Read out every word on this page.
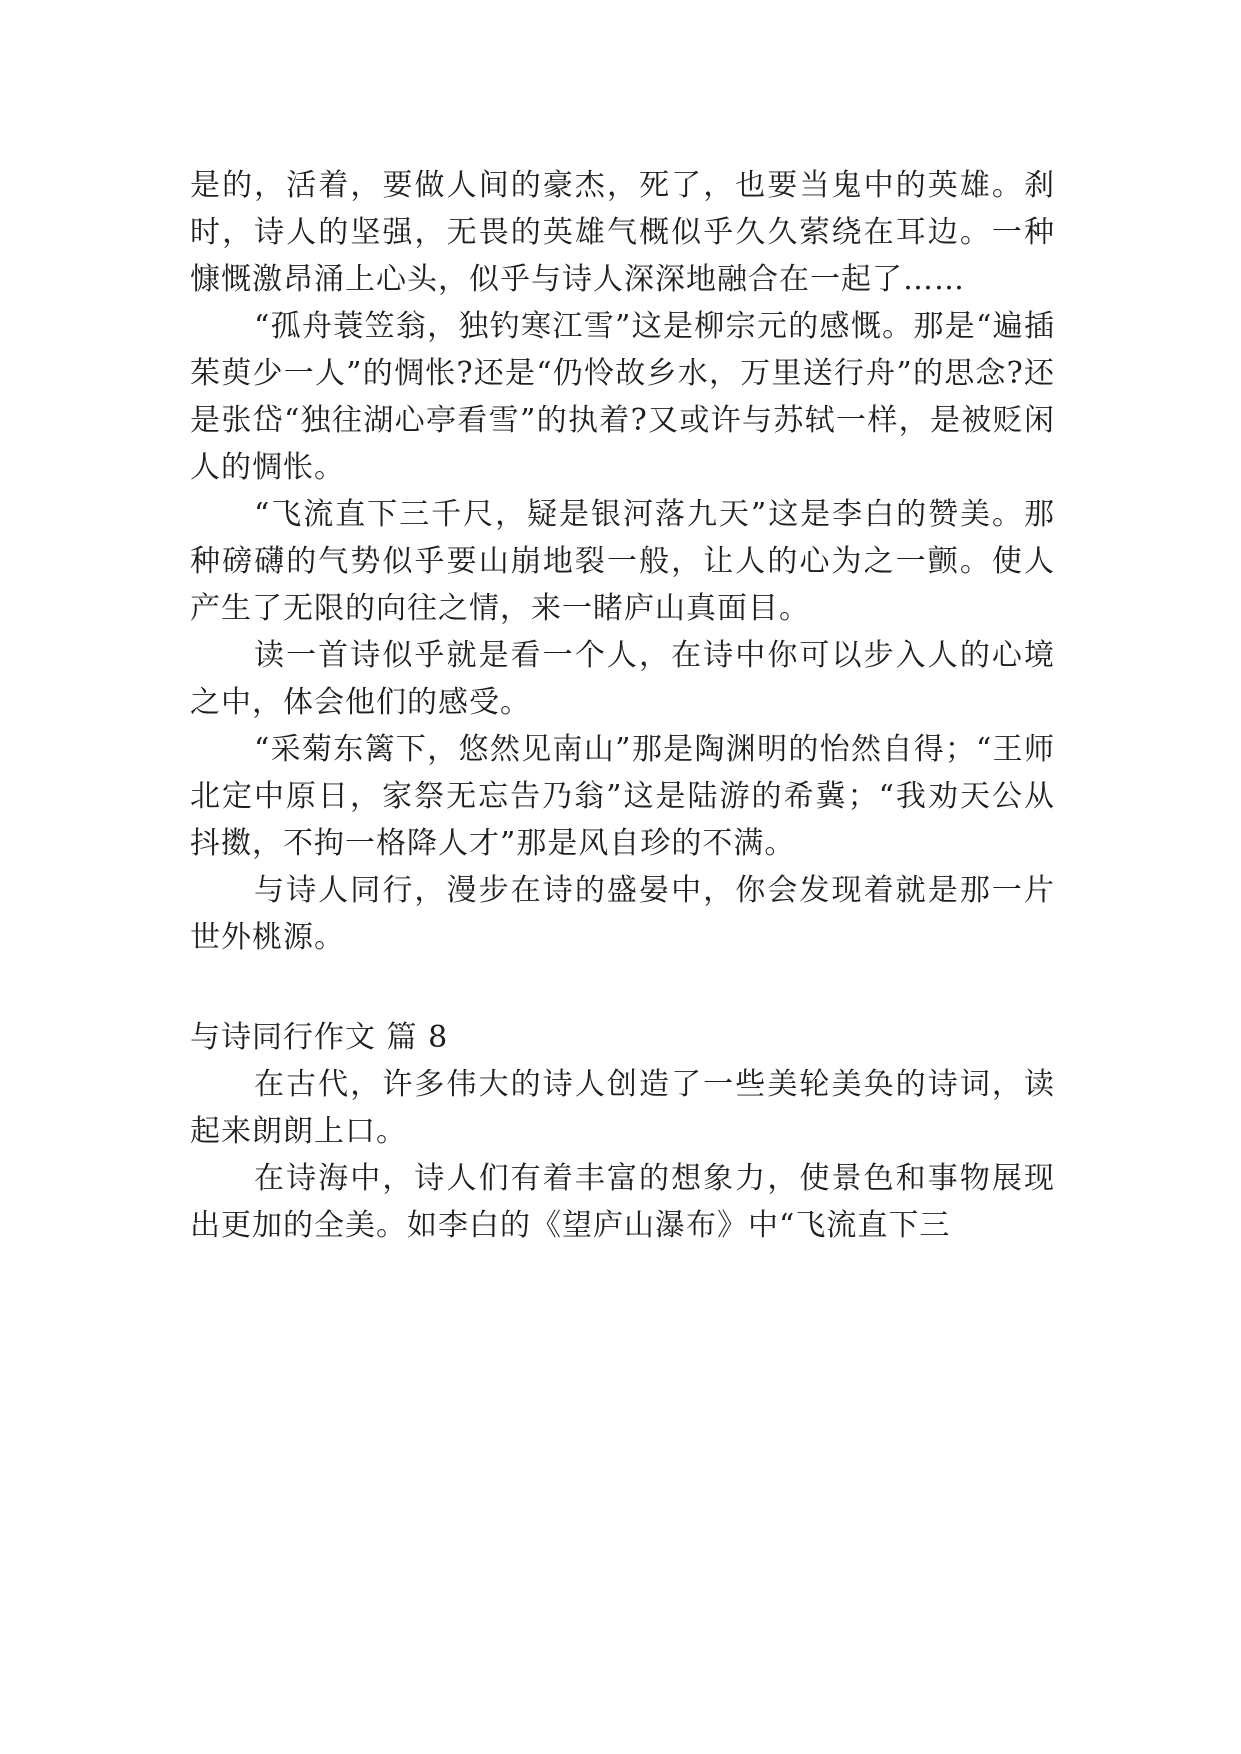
是的，活着，要做人间的豪杰，死了，也要当鬼中的英雄。刹时，诗人的坚强，无畏的英雄气概似乎久久萦绕在耳边。一种慷慨激昂涌上心头，似乎与诗人深深地融合在一起了……

“孤舟蓑笠翁，独钓寒江雪”这是柳宗元的感慨。那是“遍插茱萸少一人”的惆怅?还是“仍怜故乡水，万里送行舟”的思念?还是张岱“独往湖心亭看雪”的执着?又或许与苏轼一样，是被贬闲人的惆怅。

“飞流直下三千尺，疑是银河落九天”这是李白的赞美。那种磅礴的气势似乎要山崩地裂一般，让人的心为之一颤。使人产生了无限的向往之情，来一睹庐山真面目。

读一首诗似乎就是看一个人，在诗中你可以步入人的心境之中，体会他们的感受。

“采菊东篱下，悠然见南山”那是陶渊明的怡然自得；“王师北定中原日，家祭无忘告乃翁”这是陆游的希冀；“我劝天公从抖擞，不拘一格降人才”那是风自珍的不满。

与诗人同行，漫步在诗的盛晏中，你会发现着就是那一片世外桃源。

与诗同行作文 篇 8

在古代，许多伟大的诗人创造了一些美轮美奂的诗词，读起来朗朗上口。

在诗海中，诗人们有着丰富的想象力，使景色和事物展现出更加的全美。如李白的《望庐山瀑布》中“飞流直下三
